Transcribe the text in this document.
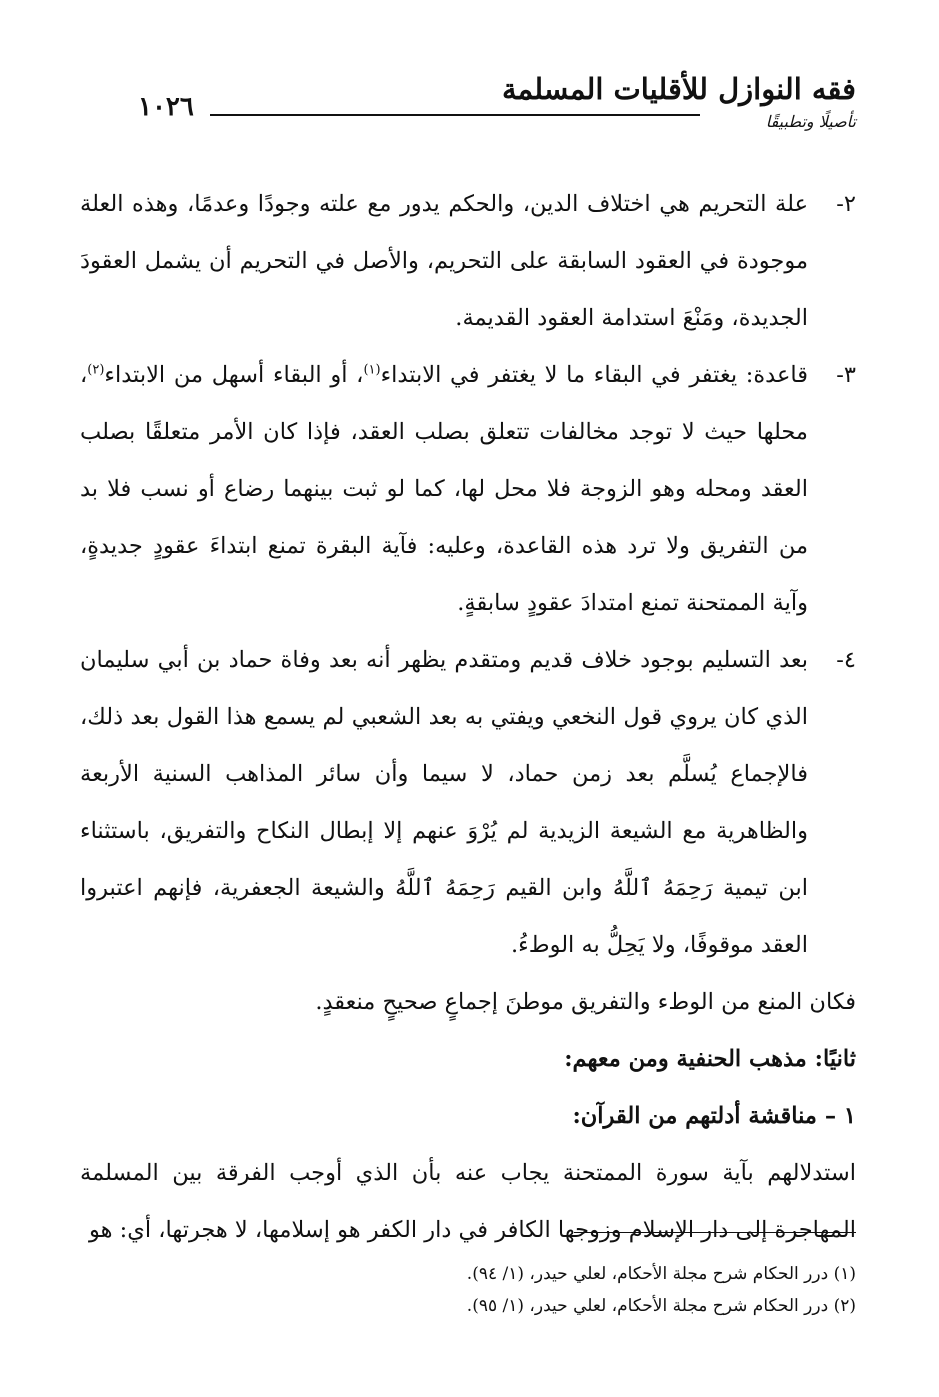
١٠٢٦
فقه النوازل للأقليات المسلمة
تأصيلًا وتطبيقًا

٢-
علة التحريم هي اختلاف الدين، والحكم يدور مع علته وجودًا وعدمًا، وهذه العلة موجودة في العقود السابقة على التحريم، والأصل في التحريم أن يشمل العقودَ الجديدة، ومَنْعَ استدامة العقود القديمة.

٣-
قاعدة: يغتفر في البقاء ما لا يغتفر في الابتداء$^{(١)}$، أو البقاء أسهل من الابتداء$^{(٢)}$، محلها حيث لا توجد مخالفات تتعلق بصلب العقد، فإذا كان الأمر متعلقًا بصلب العقد ومحله وهو الزوجة فلا محل لها، كما لو ثبت بينهما رضاع أو نسب فلا بد من التفريق ولا ترد هذه القاعدة، وعليه: فآية البقرة تمنع ابتداءَ عقودٍ جديدةٍ، وآية الممتحنة تمنع امتدادَ عقودٍ سابقةٍ.

٤-
بعد التسليم بوجود خلاف قديم ومتقدم يظهر أنه بعد وفاة حماد بن أبي سليمان الذي كان يروي قول النخعي ويفتي به بعد الشعبي لم يسمع هذا القول بعد ذلك، فالإجماع يُسلَّم بعد زمن حماد، لا سيما وأن سائر المذاهب السنية الأربعة والظاهرية مع الشيعة الزيدية لم يُرْوَ عنهم إلا إبطال النكاح والتفريق، باستثناء ابن تيمية رَحِمَهُ ٱللَّهُ وابن القيم رَحِمَهُ ٱللَّهُ والشيعة الجعفرية، فإنهم اعتبروا العقد موقوفًا، ولا يَحِلُّ به الوطءُ.

فكان المنع من الوطء والتفريق موطنَ إجماعٍ صحيحٍ منعقدٍ.

ثانيًا: مذهب الحنفية ومن معهم:

١ – مناقشة أدلتهم من القرآن:

استدلالهم بآية سورة الممتحنة يجاب عنه بأن الذي أوجب الفرقة بين المسلمة المهاجرة إلى دار الإسلام وزوجها الكافر في دار الكفر هو إسلامها، لا هجرتها، أي: هو

(١) درر الحكام شرح مجلة الأحكام، لعلي حيدر، (١/ ٩٤).

(٢) درر الحكام شرح مجلة الأحكام، لعلي حيدر، (١/ ٩٥).
